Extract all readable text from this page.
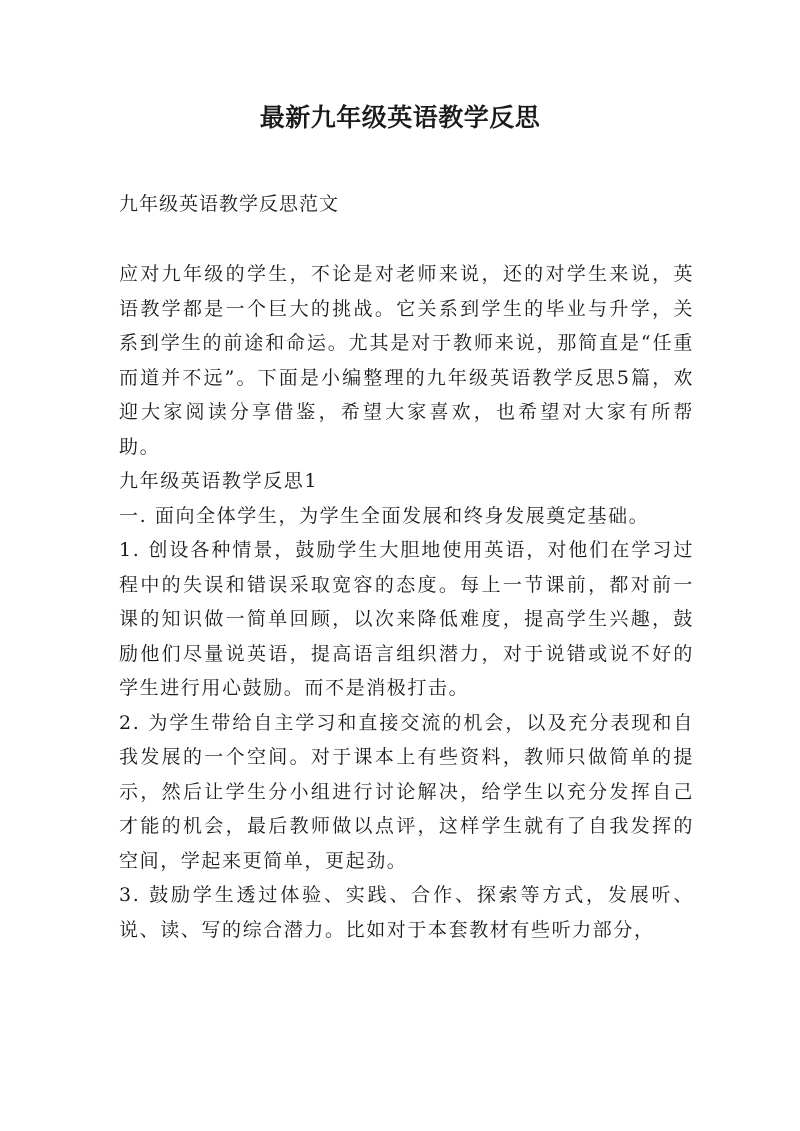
最新九年级英语教学反思
九年级英语教学反思范文

应对九年级的学生，不论是对老师来说，还的对学生来说，英语教学都是一个巨大的挑战。它关系到学生的毕业与升学，关系到学生的前途和命运。尤其是对于教师来说，那简直是“任重而道并不远”。下面是小编整理的九年级英语教学反思5篇，欢迎大家阅读分享借鉴，希望大家喜欢，也希望对大家有所帮助。

九年级英语教学反思1

一. 面向全体学生，为学生全面发展和终身发展奠定基础。

1. 创设各种情景，鼓励学生大胆地使用英语，对他们在学习过程中的失误和错误采取宽容的态度。每上一节课前，都对前一课的知识做一简单回顾，以次来降低难度，提高学生兴趣，鼓励他们尽量说英语，提高语言组织潜力，对于说错或说不好的学生进行用心鼓励。而不是消极打击。

2. 为学生带给自主学习和直接交流的机会，以及充分表现和自我发展的一个空间。对于课本上有些资料，教师只做简单的提示，然后让学生分小组进行讨论解决，给学生以充分发挥自己才能的机会，最后教师做以点评，这样学生就有了自我发挥的空间，学起来更简单，更起劲。

3. 鼓励学生透过体验、实践、合作、探索等方式，发展听、说、读、写的综合潜力。比如对于本套教材有些听力部分，
